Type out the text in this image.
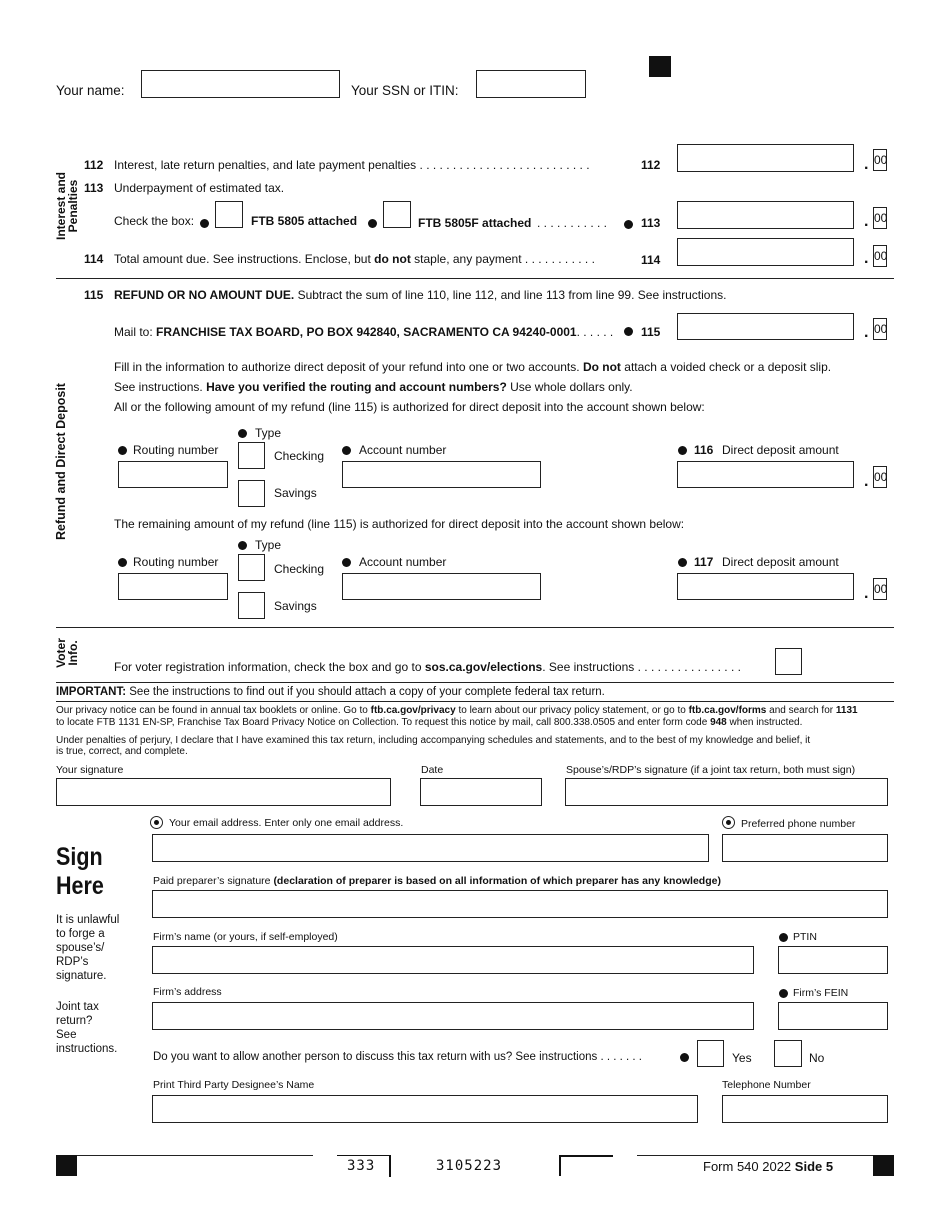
Your name:	Your SSN or ITIN:
Interest and Penalties
112 Interest, late return penalties, and late payment penalties . . . . . . . . . . . . . . . . . . . . . . . . . .	112	. 00
113 Underpayment of estimated tax.
Check the box:	FTB 5805 attached	FTB 5805F attached . . . . . . . . . . .	113	. 00
114 Total amount due. See instructions. Enclose, but do not staple, any payment . . . . . . . . . . .	114	. 00
Refund and Direct Deposit
115 REFUND OR NO AMOUNT DUE. Subtract the sum of line 110, line 112, and line 113 from line 99. See instructions.
Mail to: FRANCHISE TAX BOARD, PO BOX 942840, SACRAMENTO CA 94240-0001. . . . . . 115	. 00
Fill in the information to authorize direct deposit of your refund into one or two accounts. Do not attach a voided check or a deposit slip.
See instructions. Have you verified the routing and account numbers? Use whole dollars only.
All or the following amount of my refund (line 115) is authorized for direct deposit into the account shown below:
Type
Routing number	Checking
Savings
Account number	116 Direct deposit amount
. 00
The remaining amount of my refund (line 115) is authorized for direct deposit into the account shown below:
Type
Routing number	Checking
Savings
Account number	117 Direct deposit amount
. 00
Voter Info.
For voter registration information, check the box and go to sos.ca.gov/elections. See instructions . . . . . . . . . . . . . . . .
IMPORTANT: See the instructions to find out if you should attach a copy of your complete federal tax return.
Our privacy notice can be found in annual tax booklets or online. Go to ftb.ca.gov/privacy to learn about our privacy policy statement, or go to ftb.ca.gov/forms and search for 1131
to locate FTB 1131 EN-SP, Franchise Tax Board Privacy Notice on Collection. To request this notice by mail, call 800.338.0505 and enter form code 948 when instructed.
Under penalties of perjury, I declare that I have examined this tax return, including accompanying schedules and statements, and to the best of my knowledge and belief, it
is true, correct, and complete.
Your signature	Date	Spouse’s/RDP’s signature (if a joint tax return, both must sign)
Your email address. Enter only one email address.	Preferred phone number
Sign
Here
It is unlawful
to forge a
spouse’s/
RDP’s
signature.
Joint tax
return?
See
instructions.
Paid preparer’s signature (declaration of preparer is based on all information of which preparer has any knowledge)
Firm’s name (or yours, if self-employed)	PTIN
Firm’s address	Firm’s FEIN
Do you want to allow another person to discuss this tax return with us? See instructions . . . . . . .	Yes	No
Print Third Party Designee’s Name	Telephone Number
333	3105223	Form 540 2022 Side 5
